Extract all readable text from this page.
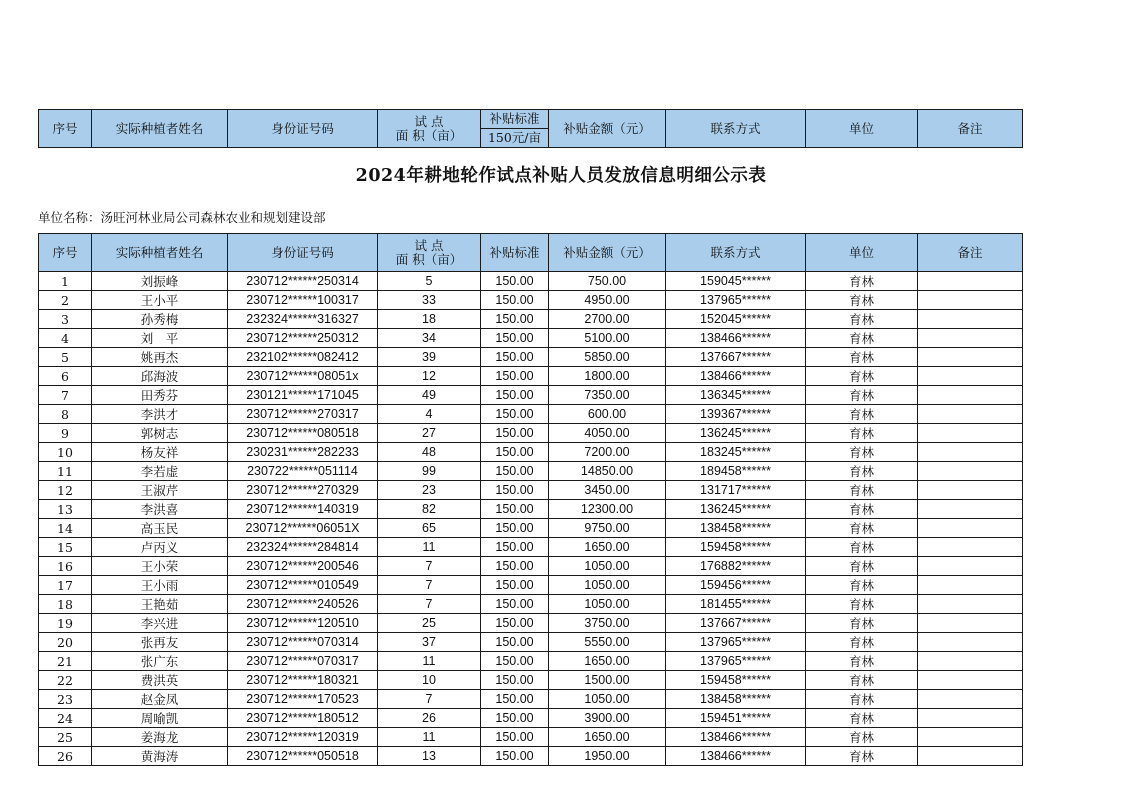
序号	实际种植者姓名	身份证号码	试 点
面 积（亩）
	补贴标准	补贴金额（元）	联系方式	单位	备注
150元/亩
2024年耕地轮作试点补贴人员发放信息明细公示表
单位名称：汤旺河林业局公司森林农业和规划建设部
序号	实际种植者姓名	身份证号码	试 点
面 积（亩）	补贴标准	补贴金额（元）	联系方式	单位	备注
1	刘振峰	230712******250314	5	150.00	750.00	159045******	育林	
2	王小平	230712******100317	33	150.00	4950.00	137965******	育林	
3	孙秀梅	232324******316327	18	150.00	2700.00	152045******	育林	
4	刘　平	230712******250312	34	150.00	5100.00	138466******	育林	
5	姚再杰	232102******082412	39	150.00	5850.00	137667******	育林	
6	邱海波	230712******08051x	12	150.00	1800.00	138466******	育林	
7	田秀芬	230121******171045	49	150.00	7350.00	136345******	育林	
8	李洪才	230712******270317	4	150.00	600.00	139367******	育林	
9	郭树志	230712******080518	27	150.00	4050.00	136245******	育林	
10	杨友祥	230231******282233	48	150.00	7200.00	183245******	育林	
11	李若虚	230722******051114	99	150.00	14850.00	189458******	育林	
12	王淑芹	230712******270329	23	150.00	3450.00	131717******	育林	
13	李洪喜	230712******140319	82	150.00	12300.00	136245******	育林	
14	高玉民	230712******06051X	65	150.00	9750.00	138458******	育林	
15	卢丙义	232324******284814	11	150.00	1650.00	159458******	育林	
16	王小荣	230712******200546	7	150.00	1050.00	176882******	育林	
17	王小雨	230712******010549	7	150.00	1050.00	159456******	育林	
18	王艳茹	230712******240526	7	150.00	1050.00	181455******	育林	
19	李兴进	230712******120510	25	150.00	3750.00	137667******	育林	
20	张再友	230712******070314	37	150.00	5550.00	137965******	育林	
21	张广东	230712******070317	11	150.00	1650.00	137965******	育林	
22	费洪英	230712******180321	10	150.00	1500.00	159458******	育林	
23	赵金凤	230712******170523	7	150.00	1050.00	138458******	育林	
24	周喻凯	230712******180512	26	150.00	3900.00	159451******	育林	
25	姜海龙	230712******120319	11	150.00	1650.00	138466******	育林	
26	黄海涛	230712******050518	13	150.00	1950.00	138466******	育林	
